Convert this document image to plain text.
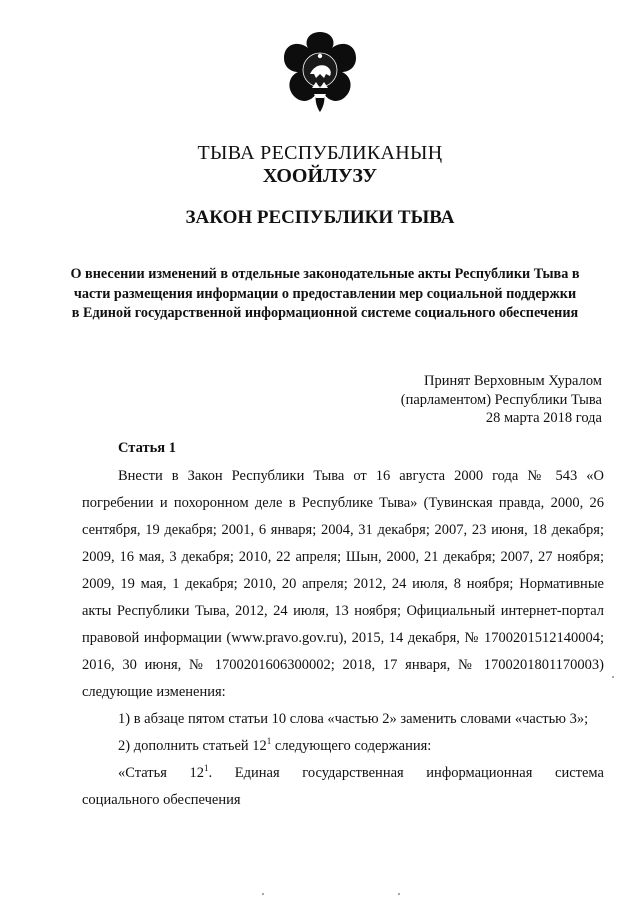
ТЫВА РЕСПУБЛИКАНЫҢ
ХООЙЛУЗУ
ЗАКОН РЕСПУБЛИКИ ТЫВА
О внесении изменений в отдельные законодательные акты Республики Тыва в части размещения информации о предоставлении мер социальной поддержки в Единой государственной информационной системе социального обеспечения
Принят Верховным Хуралом
(парламентом) Республики Тыва
28 марта 2018 года
Статья 1

Внести в Закон Республики Тыва от 16 августа 2000 года № 543 «О погребении и похоронном деле в Республике Тыва» (Тувинская правда, 2000, 26 сентября, 19 декабря; 2001, 6 января; 2004, 31 декабря; 2007, 23 июня, 18 декабря; 2009, 16 мая, 3 декабря; 2010, 22 апреля; Шын, 2000, 21 декабря; 2007, 27 ноября; 2009, 19 мая, 1 декабря; 2010, 20 апреля; 2012, 24 июля, 8 ноября; Нормативные акты Республики Тыва, 2012, 24 июля, 13 ноября; Официальный интернет-портал правовой информации (www.pravo.gov.ru), 2015, 14 декабря, № 1700201512140004; 2016, 30 июня, № 1700201606300002; 2018, 17 января, № 1700201801170003) следующие изменения:

1) в абзаце пятом статьи 10 слова «частью 2» заменить словами «частью 3»;

2) дополнить статьей $12^1$ следующего содержания:

«Статья $12^1$. Единая государственная информационная система
социального обеспечения
